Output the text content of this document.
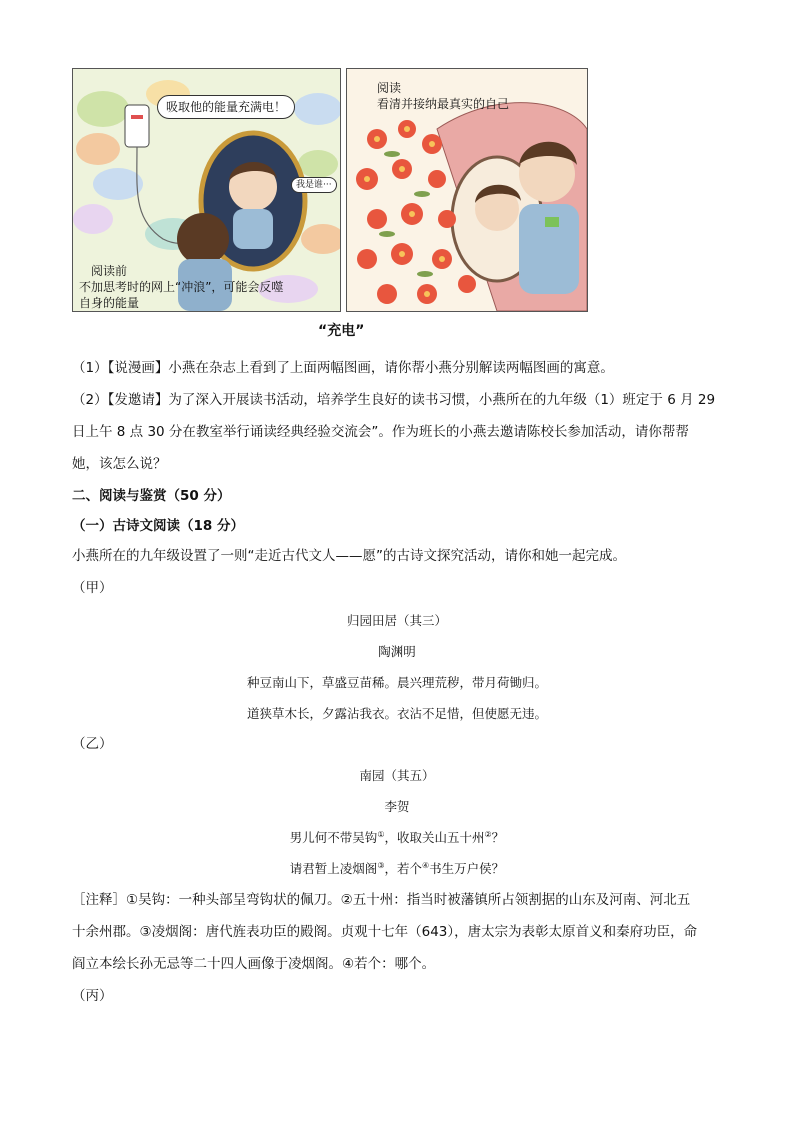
吸取他的能量充满电！
我是谁···
阅读前
不加思考时的网上“冲浪”，可能会反噬
自身的能量
阅读
看清并接纳最真实的自己
“充电”
（1）【说漫画】小燕在杂志上看到了上面两幅图画，请你帮小燕分别解读两幅图画的寓意。
（2）【发邀请】为了深入开展读书活动，培养学生良好的读书习惯，小燕所在的九年级（1）班定于 6 月 29
日上午 8 点 30 分在教室举行诵读经典经验交流会”。作为班长的小燕去邀请陈校长参加活动，请你帮帮
她，该怎么说？
二、阅读与鉴赏（50 分）
（一）古诗文阅读（18 分）
小燕所在的九年级设置了一则“走近古代文人——愿”的古诗文探究活动，请你和她一起完成。
（甲）
归园田居（其三）
陶渊明
种豆南山下，草盛豆苗稀。晨兴理荒秽，带月荷锄归。
道狭草木长，夕露沾我衣。衣沾不足惜，但使愿无违。
（乙）
南园（其五）
李贺
男儿何不带吴钩①，收取关山五十州②？
请君暂上凌烟阁③，若个④书生万户侯？
［注释］①吴钩：一种头部呈弯钩状的佩刀。②五十州：指当时被藩镇所占领割据的山东及河南、河北五
十余州郡。③凌烟阁：唐代旌表功臣的殿阁。贞观十七年（643），唐太宗为表彰太原首义和秦府功臣，命
阎立本绘长孙无忌等二十四人画像于凌烟阁。④若个：哪个。
（丙）
